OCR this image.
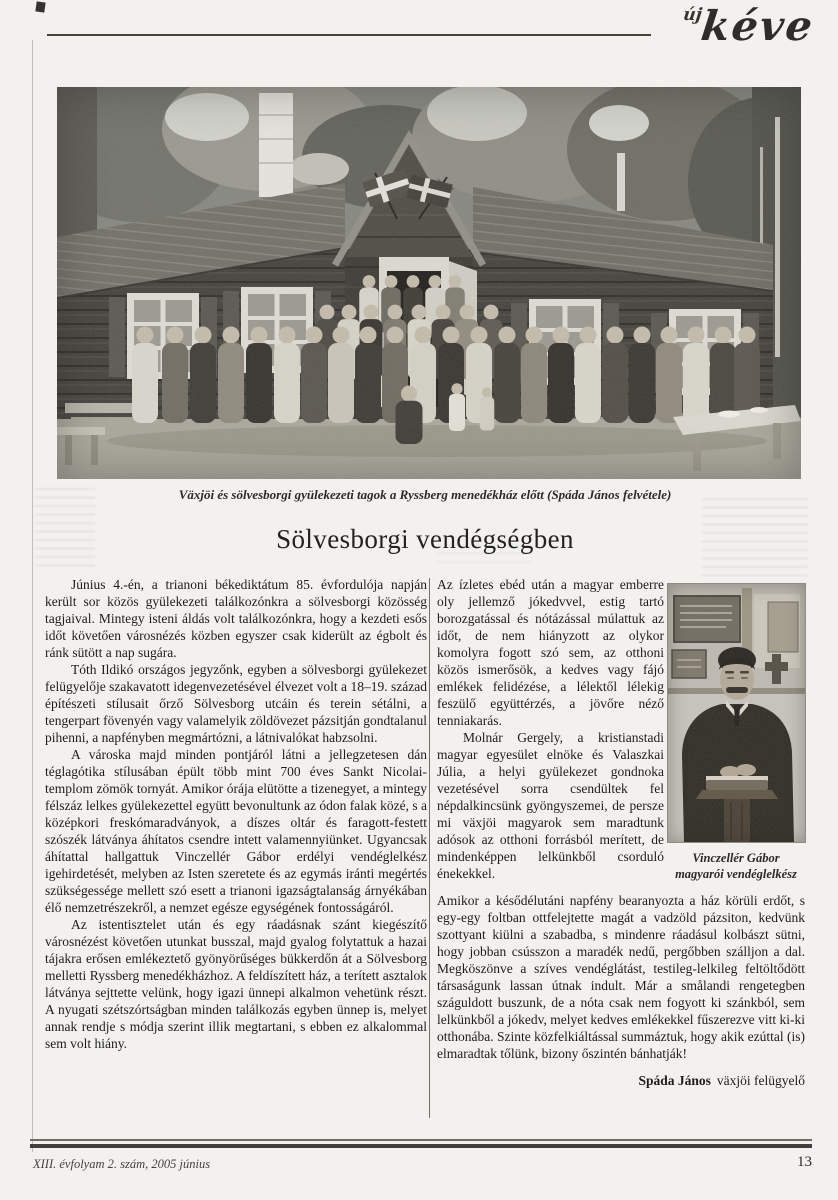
újkéve
Växjöi és sölvesborgi gyülekezeti tagok a Ryssberg menedékház előtt (Spáda János felvétele)
Sölvesborgi vendégségben

Június 4.-én, a trianoni békediktátum 85. évfordulója napján került sor közös gyülekezeti találkozónkra a sölvesborgi közösség tagjaival. Mintegy isteni áldás volt találkozónkra, hogy a kezdeti esős időt követően városnézés közben egyszer csak kiderült az égbolt és ránk sütött a nap sugára.

Tóth Ildikó országos jegyzőnk, egyben a sölvesborgi gyülekezet felügyelője szakavatott idegenvezetésével élvezet volt a 18–19. század építészeti stílusait őrző Sölvesborg utcáin és terein sétálni, a tengerpart fövenyén vagy valamelyik zöldövezet pázsitján gondtalanul pihenni, a napfényben megmártózni, a látnivalókat habzsolni.

A városka majd minden pontjáról látni a jellegzetesen dán téglagótika stílusában épült több mint 700 éves Sankt Nicolai-templom zömök tornyát. Amikor órája elütötte a tizenegyet, a mintegy félszáz lelkes gyülekezettel együtt bevonultunk az ódon falak közé, s a középkori freskómaradványok, a díszes oltár és faragott-festett szószék látványa áhítatos csendre intett valamennyiünket. Ugyancsak áhítattal hallgattuk Vinczellér Gábor erdélyi vendéglelkész igehirdetését, melyben az Isten szeretete és az egymás iránti megértés szükségessége mellett szó esett a trianoni igazságtalanság árnyékában élő nemzetrészekről, a nemzet egésze egységének fontosságáról.

Az istentisztelet után és egy ráadásnak szánt kiegészítő városnézést követően utunkat busszal, majd gyalog folytattuk a hazai tájakra erősen emlékeztető gyönyörűséges bükkerdőn át a Sölvesborg melletti Ryssberg menedékházhoz. A feldíszített ház, a terített asztalok látványa sejttette velünk, hogy igazi ünnepi alkalmon vehetünk részt. A nyugati szétszórtságban minden találkozás egyben ünnep is, melyet annak rendje s módja szerint illik megtartani, s ebben ez alkalommal sem volt hiány.

Az ízletes ebéd után a magyar emberre oly jellemző jókedvvel, estig tartó borozgatással és nótázással múlattuk az időt, de nem hiányzott az olykor komolyra fogott szó sem, az otthoni közös ismerősök, a kedves vagy fájó emlékek felidézése, a lélektől lélekig feszülő együttérzés, a jövőre néző tenniakarás.

Molnár Gergely, a kristianstadi magyar egyesület elnöke és Valaszkai Júlia, a helyi gyülekezet gondnoka vezetésével sorra csendültek fel népdalkincsünk gyöngyszemei, de persze mi växjöi magyarok sem maradtunk adósok az otthoni forrásból merített, de mindenképpen lelkünkből csorduló énekekkel.

Vinczellér Gábor
magyarói vendéglelkész

Amikor a késődélutáni napfény bearanyozta a ház körüli erdőt, s egy-egy foltban ottfelejtette magát a vadzöld pázsiton, kedvünk szottyant kiülni a szabadba, s mindenre ráadásul kolbászt sütni, hogy jobban csússzon a maradék nedű, pergőbben szálljon a dal. Megköszönve a szíves vendéglátást, testileg-lelkileg feltöltődött társaságunk lassan útnak indult. Már a smålandi rengetegben száguldott buszunk, de a nóta csak nem fogyott ki szánkból, sem lelkünkből a jókedv, melyet kedves emlékekkel fűszerezve vitt ki-ki otthonába. Szinte közfelkiáltással summáztuk, hogy akik ezúttal (is) elmaradtak tőlünk, bizony őszintén bánhatják!

Spáda János växjöi felügyelő

XIII. évfolyam 2. szám, 2005 június	13
